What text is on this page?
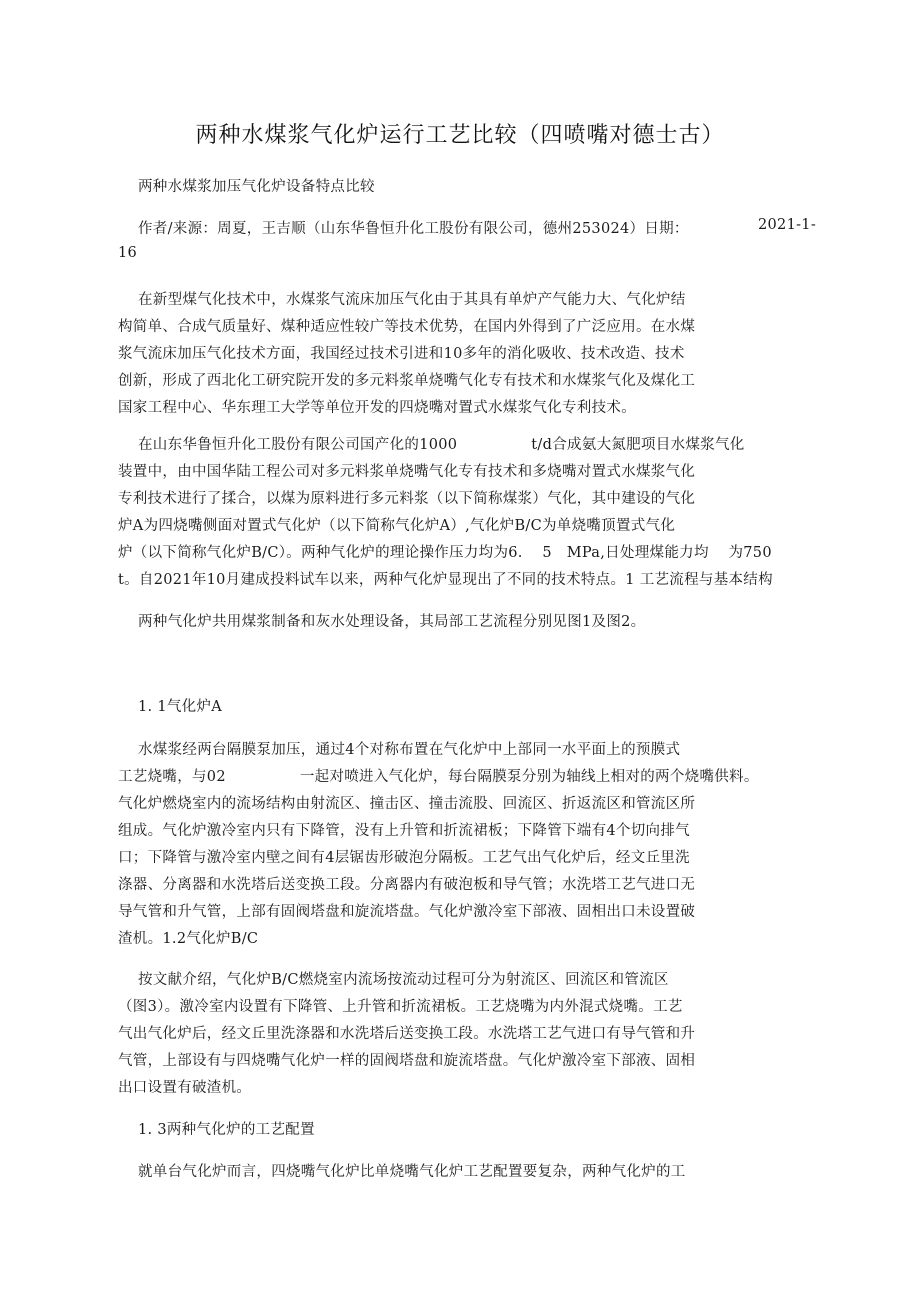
两种水煤浆气化炉运行工艺比较（四喷嘴对德士古）
两种水煤浆加压气化炉设备特点比较
作者/来源：周夏，王吉顺（山东华鲁恒升化工股份有限公司，德州253024）日期：	2021-1-
16
在新型煤气化技术中，水煤浆气流床加压气化由于其具有单炉产气能力大、气化炉结
构简单、合成气质量好、煤种适应性较广等技术优势，在国内外得到了广泛应用。在水煤
浆气流床加压气化技术方面，我国经过技术引进和10多年的消化吸收、技术改造、技术
创新，形成了西北化工研究院开发的多元料浆单烧嘴气化专有技术和水煤浆气化及煤化工
国家工程中心、华东理工大学等单位开发的四烧嘴对置式水煤浆气化专利技术。
在山东华鲁恒升化工股份有限公司国产化的1000　　　　　t/d合成氨大氮肥项目水煤浆气化
装置中，由中国华陆工程公司对多元料浆单烧嘴气化专有技术和多烧嘴对置式水煤浆气化
专利技术进行了揉合，以煤为原料进行多元料浆（以下简称煤浆）气化，其中建设的气化
炉A为四烧嘴侧面对置式气化炉（以下简称气化炉A）,气化炉B/C为单烧嘴顶置式气化
炉（以下简称气化炉B/C）。两种气化炉的理论操作压力均为6.　 5　MPa,日处理煤能力均　 为750
t。自2021年10月建成投料试车以来，两种气化炉显现出了不同的技术特点。1 工艺流程与基本结构
两种气化炉共用煤浆制备和灰水处理设备，其局部工艺流程分别见图1及图2。
1. 1气化炉A
水煤浆经两台隔膜泵加压，通过4个对称布置在气化炉中上部同一水平面上的预膜式
工艺烧嘴，与02　　　　　一起对喷进入气化炉，每台隔膜泵分别为轴线上相对的两个烧嘴供料。
气化炉燃烧室内的流场结构由射流区、撞击区、撞击流股、回流区、折返流区和管流区所
组成。气化炉激冷室内只有下降管，没有上升管和折流裙板；下降管下端有4个切向排气
口；下降管与激冷室内壁之间有4层锯齿形破泡分隔板。工艺气出气化炉后，经文丘里洗
涤器、分离器和水洗塔后送变换工段。分离器内有破泡板和导气管；水洗塔工艺气进口无
导气管和升气管，上部有固阀塔盘和旋流塔盘。气化炉激冷室下部液、固相出口未设置破
渣机。1.2气化炉B/C
按文献介绍，气化炉B/C燃烧室内流场按流动过程可分为射流区、回流区和管流区
（图3）。激冷室内设置有下降管、上升管和折流裙板。工艺烧嘴为内外混式烧嘴。工艺
气出气化炉后，经文丘里洗涤器和水洗塔后送变换工段。水洗塔工艺气进口有导气管和升
气管，上部设有与四烧嘴气化炉一样的固阀塔盘和旋流塔盘。气化炉激冷室下部液、固相
出口设置有破渣机。
1. 3两种气化炉的工艺配置
就单台气化炉而言，四烧嘴气化炉比单烧嘴气化炉工艺配置要复杂，两种气化炉的工
